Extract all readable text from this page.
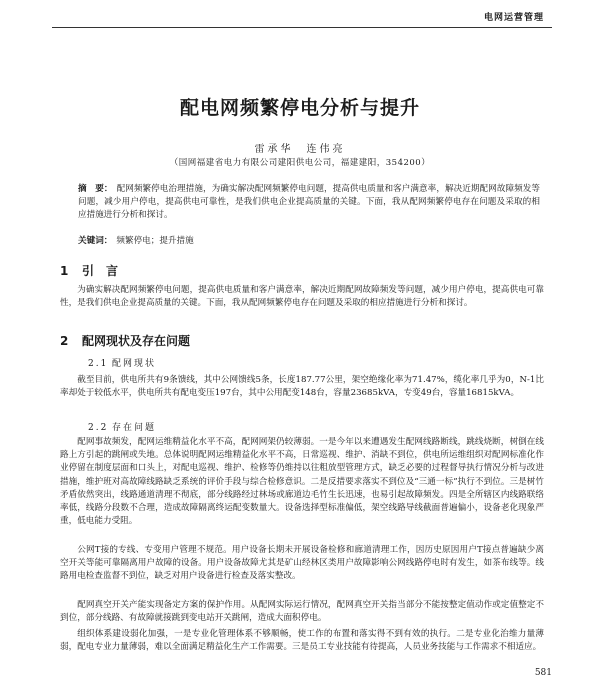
电网运营管理
配电网频繁停电分析与提升
雷承华　连伟亮
（国网福建省电力有限公司建阳供电公司，福建建阳，354200）
摘　要： 配网频繁停电治理措施，为确实解决配网频繁停电问题，提高供电质量和客户满意率，解决近期配网故障频发等问题，减少用户停电，提高供电可靠性，是我们供电企业提高质量的关键。下面，我从配网频繁停电存在问题及采取的相应措施进行分析和探讨。
关键词： 频繁停电；提升措施
1 引　言
为确实解决配网频繁停电问题，提高供电质量和客户满意率，解决近期配网故障频发等问题，减少用户停电，提高供电可靠性，是我们供电企业提高质量的关键。下面，我从配网频繁停电存在问题及采取的相应措施进行分析和探讨。
2 配网现状及存在问题
2.1 配网现状
截至目前，供电所共有9条馈线，其中公网馈线5条，长度187.77公里，架空绝缘化率为71.47%，缆化率几乎为0，N-1比率却处于较低水平，供电所共有配电变压197台，其中公用配变148台，容量23685kVA，专变49台，容量16815kVA。
2.2 存在问题
配网事故频发，配网运维精益化水平不高，配网网架仍较薄弱。一是今年以来遭遇发生配网线路断线，跳线烧断，树倒在线路上方引起的跳闸或失地。总体说明配网运维精益化水平不高，日常巡视、维护、消缺不到位，供电所运维组织对配网标准化作业停留在制度层面和口头上，对配电巡视、维护、检修等仍维持以往粗放型管理方式，缺乏必要的过程督导执行情况分析与改进措施，维护班对高故障线路缺乏系统的评价手段与综合检修意识。二是反措要求落实不到位及“三通一标”执行不到位。三是树竹矛盾依然突出，线路通道清理不彻底，部分线路经过林场或廊道边毛竹生长迅速，也易引起故障频发。四是全所辖区内线路联络率低，线路分段数不合理，造成故障隔离终运配变数量大。设备选择型标准偏低，架空线路导线截面普遍偏小，设备老化现象严重，低电能力受阻。
公网T接的专线、专变用户管理不规范。用户设备长期未开展设备检修和廊道清理工作，因历史原因用户T接点普遍缺少离空开关等能可靠隔离用户故障的设备。用户设备故障尤其是矿山经林区类用户故障影响公网线路停电时有发生，如茶布线等。线路用电检查监督不到位，缺乏对用户设备进行检查及落实整改。
配网真空开关产能实现备定方案的保护作用。从配网实际运行情况，配网真空开关指当部分不能按整定值动作或定值整定不到位，部分线路、有故障就接跳到变电站开关跳闸，造成大面积停电。
组织体系建设弱化加强，一是专业化管理体系不够顺畅，使工作的布置和落实得不到有效的执行。二是专业化治维力量薄弱，配电专业力量薄弱，难以全面满足精益化生产工作需要。三是员工专业技能有待提高，人员业务技能与工作需求不相适应。
581
